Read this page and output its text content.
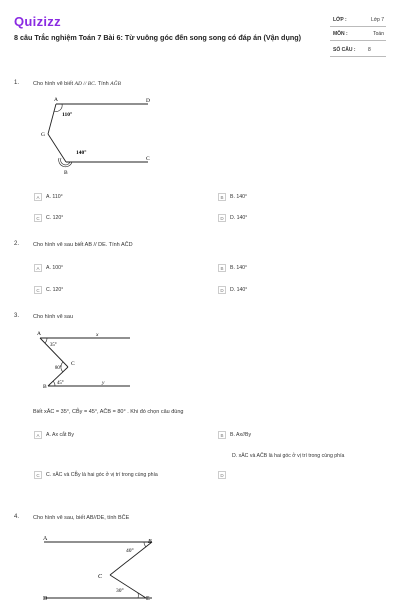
Quizizz
8 câu Trắc nghiệm Toán 7 Bài 6: Từ vuông góc đến song song có đáp án (Vận dụng)
LỚP :	Lớp 7
MÔN :	Toán
SỐ CÂU :	8
1.	Cho hình vẽ biết AD // BC. Tính AĜB
A	D
G
B
C
110°
140°
A	A. 110°	B	B. 140°
C	C. 120°	D	D. 140°
2.	Cho hình vẽ sau biết AB // DE. Tính AĈD
A	A. 100°	B	B. 140°
C	C. 120°	D	D. 140°
3.	Cho hình vẽ sau
A	x
C
B
y
35°
80°
45°
Biết xÂC = 35°, CB̂y = 45°, AĈB = 80° . Khi đó chọn câu đúng
A	A. Ax cắt By	B	B. Ax//By
C	C. xÂC và CB̂y là hai góc ở vị trí trong cùng phía	D
D. xÂC và AĈB là hai góc ở vị trí trong cùng phía
4.	Cho hình vẽ sau, biết AB//DE, tính BĈE
A	B
C
D	E
40°
30°
